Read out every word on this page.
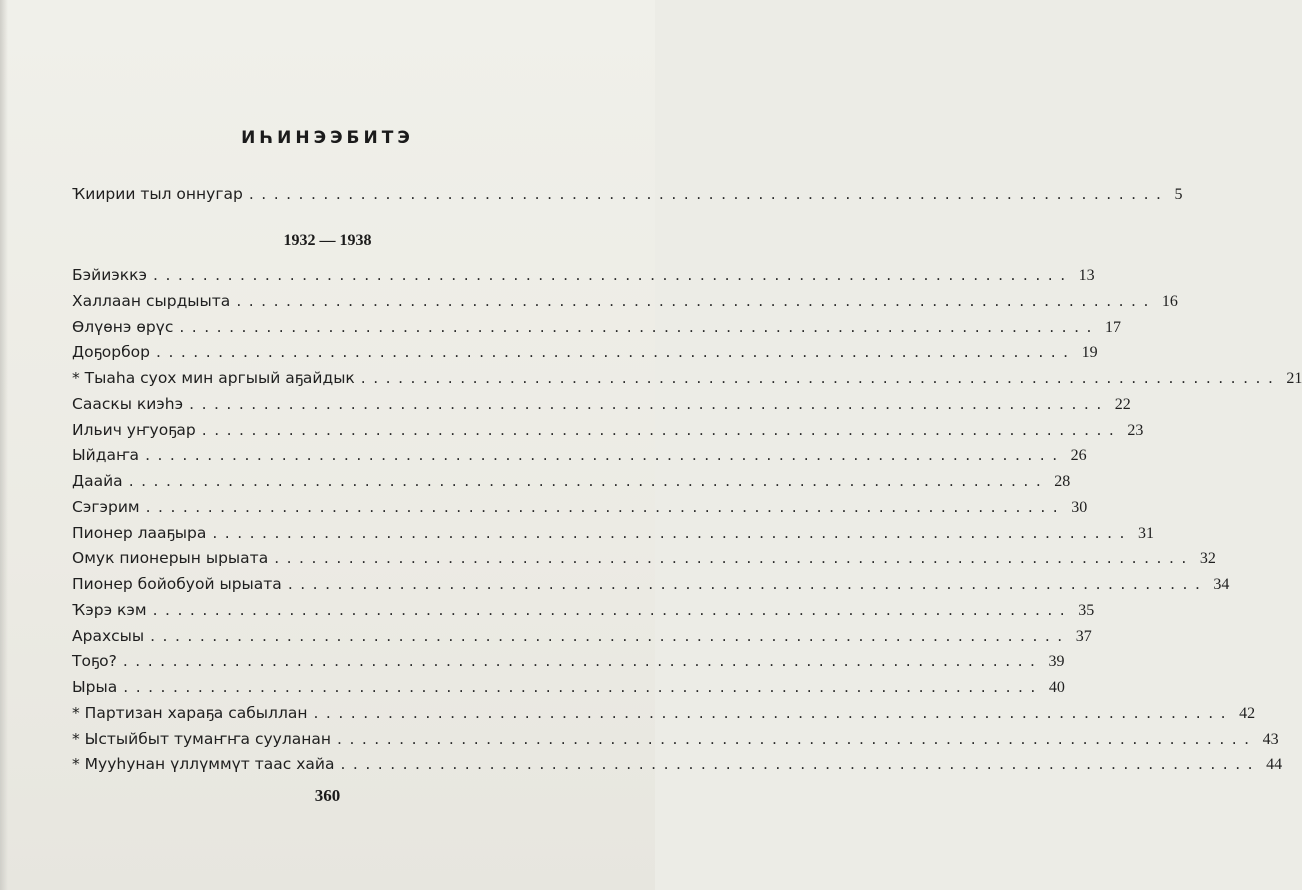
ИҺИНЭЭБИТЭ
Ҡиирии тыл оннугар .......................................................................... 5
1932 — 1938
Бэйиэккэ .......................................................................... 13
Халлаан сырдыыта .......................................................................... 16
Өлүөнэ өрүс .......................................................................... 17
Доҕорбор .......................................................................... 19
* Тыаһа суох мин аргыый аҕайдык .......................................................................... 21
Сааскы киэһэ .......................................................................... 22
Ильич уҥуоҕар .......................................................................... 23
Ыйдаҥа .......................................................................... 26
Даайа .......................................................................... 28
Сэгэрим .......................................................................... 30
Пионер лааҕыра .......................................................................... 31
Омук пионерын ырыата .......................................................................... 32
Пионер бойобуой ырыата .......................................................................... 34
Ҡэрэ кэм .......................................................................... 35
Арахсыы .......................................................................... 37
Тоҕо? .......................................................................... 39
Ырыа .......................................................................... 40
* Партизан хараҕа сабыллан .......................................................................... 42
* Ыстыйбыт тумаҥҥа сууланан .......................................................................... 43
* Мууһунан үллүммүт таас хайа .......................................................................... 44
360
